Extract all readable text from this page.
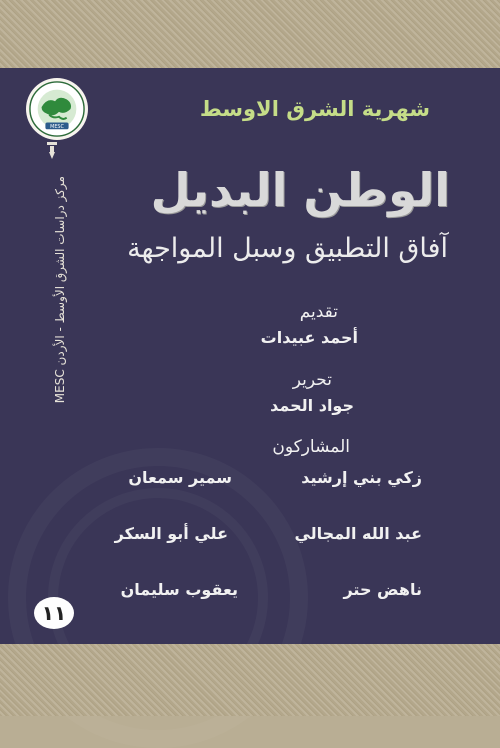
MESC
شهرية الشرق الاوسط
MESC مركز دراسات الشرق الأوسط - الأردن الوطن البديل
آفاق التطبيق وسبل المواجهة
تقديم
أحمد عبيدات
تحرير
جواد الحمد
المشاركون
زكي بني إرشيد
سمير سمعان
عبد الله المجالي
علي أبو السكر
ناهض حتر
يعقوب سليمان
١١
